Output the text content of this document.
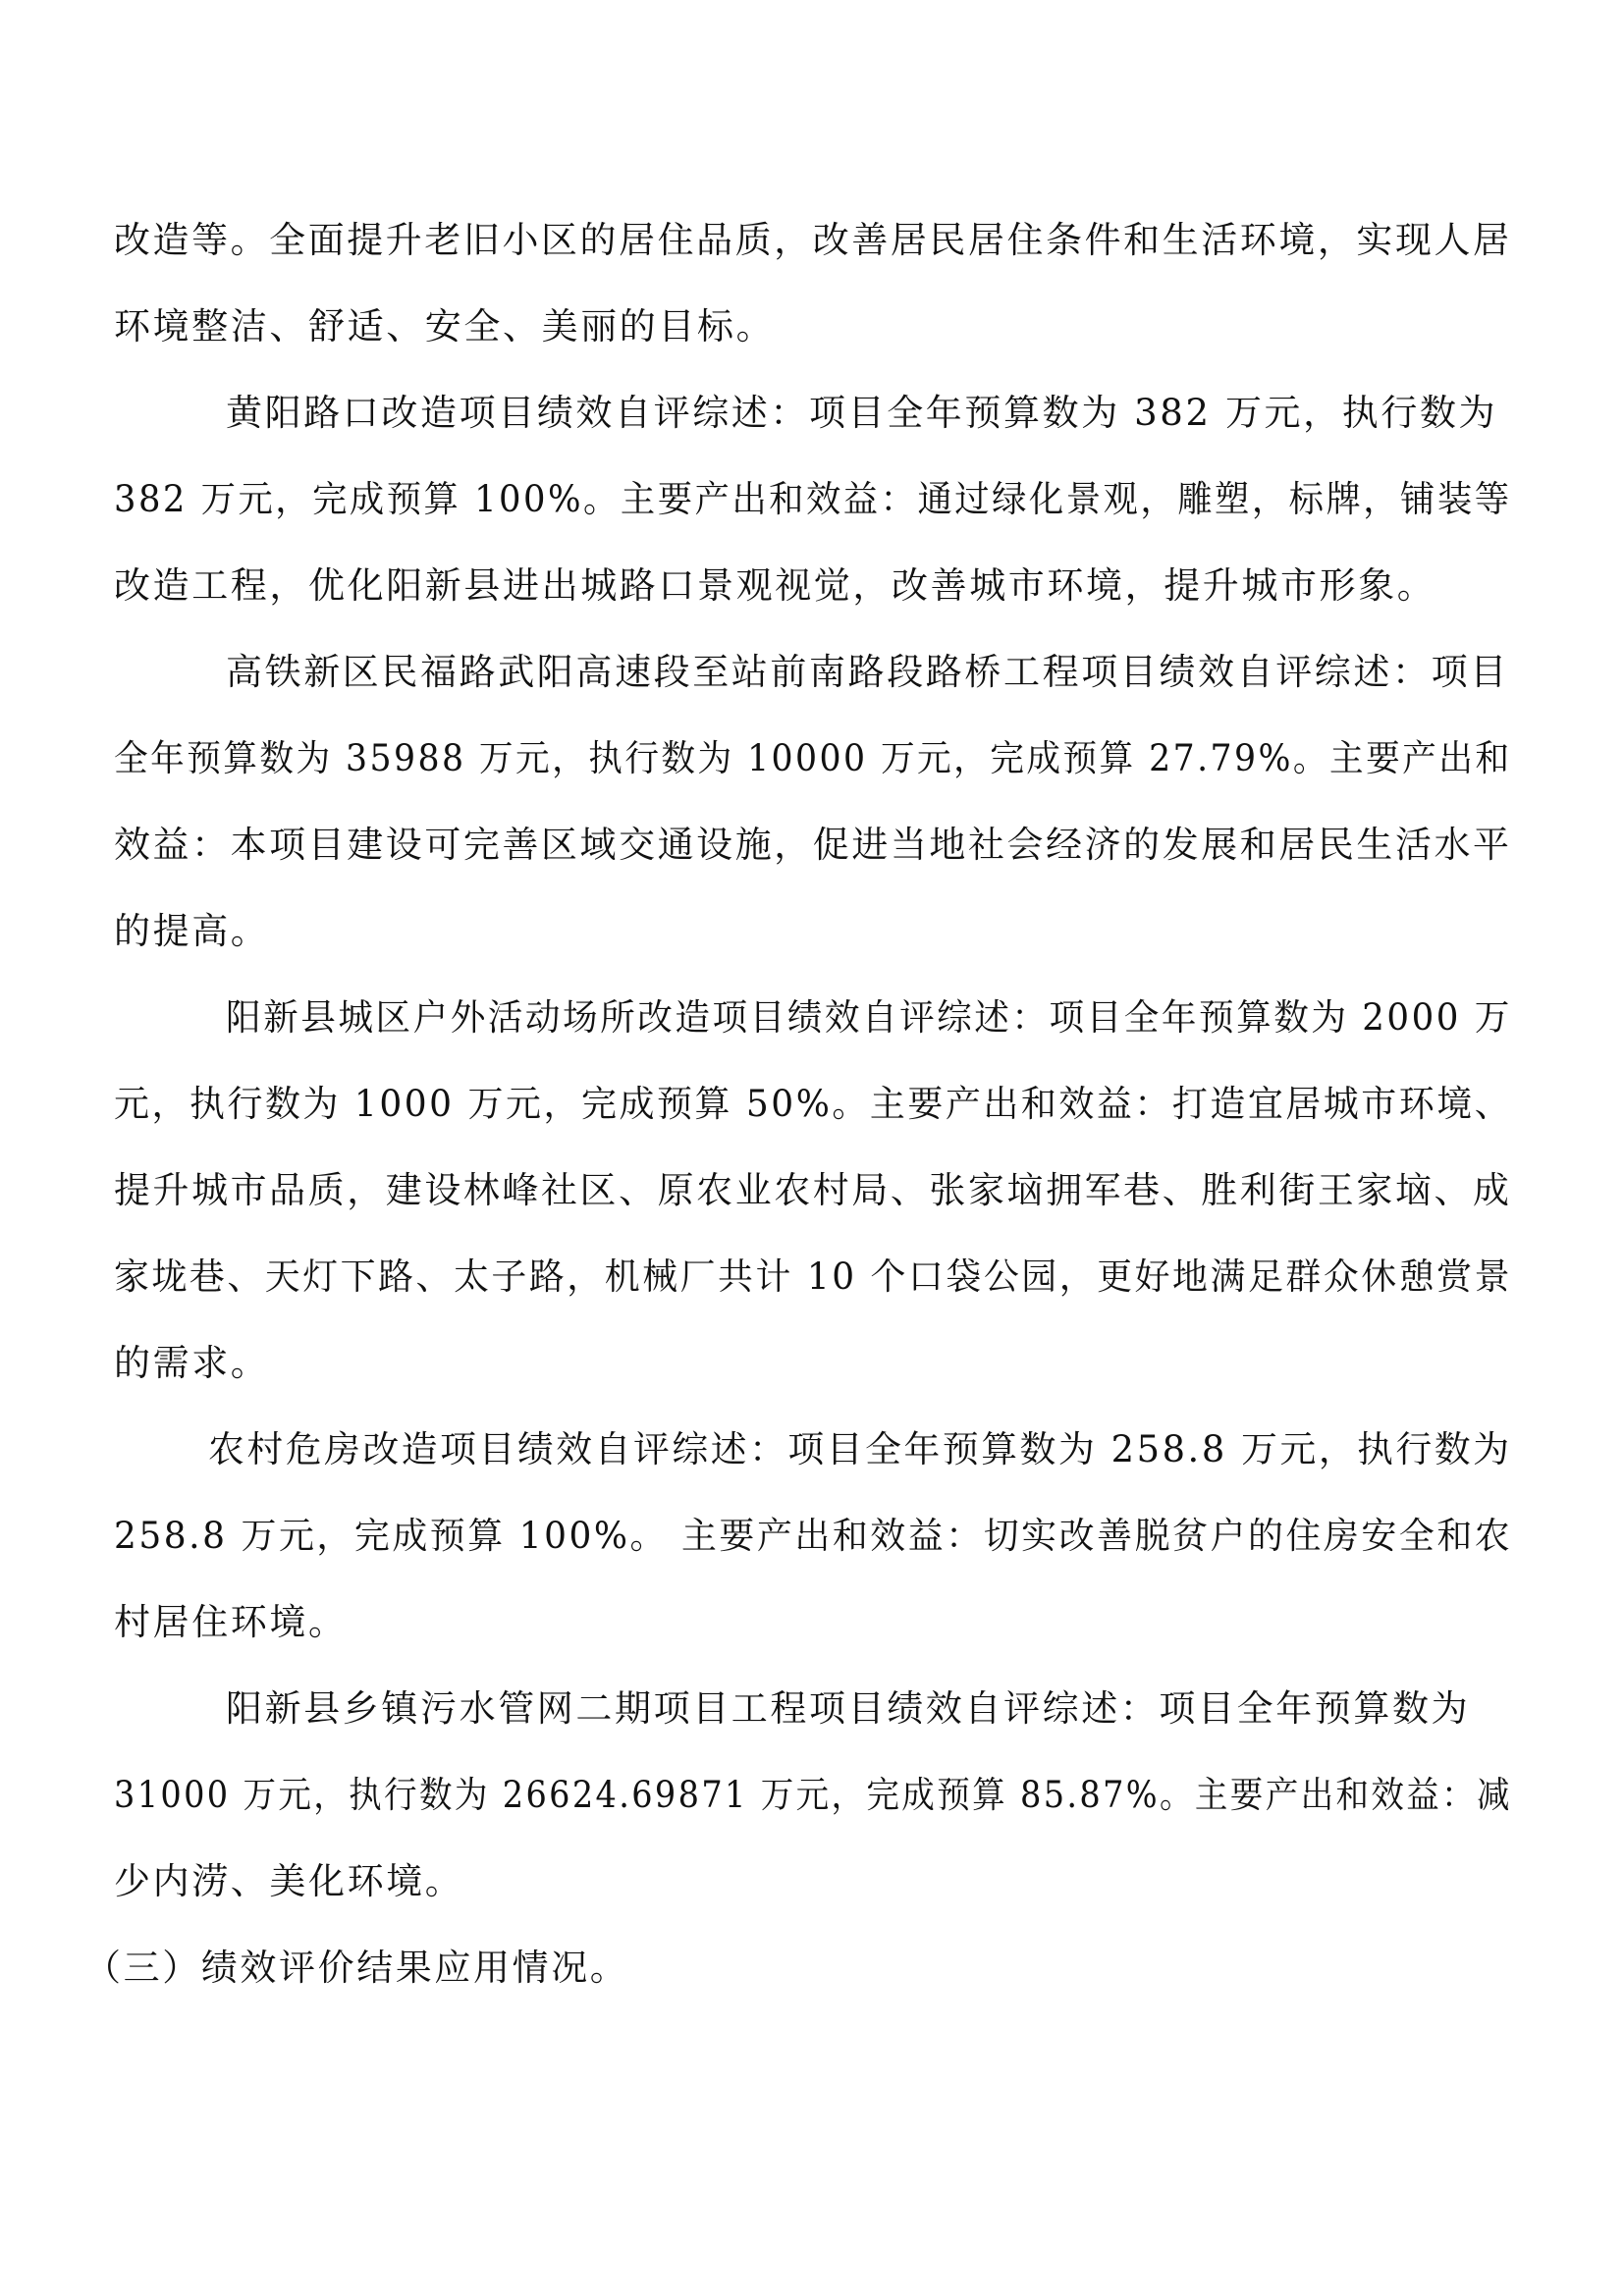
改造等。全面提升老旧小区的居住品质，改善居民居住条件和生活环境，实现人居
环境整洁、舒适、安全、美丽的目标。
黄阳路口改造项目绩效自评综述：项目全年预算数为 382 万元，执行数为
382 万元，完成预算 100%。主要产出和效益：通过绿化景观，雕塑，标牌，铺装等
改造工程，优化阳新县进出城路口景观视觉，改善城市环境，提升城市形象。
高铁新区民福路武阳高速段至站前南路段路桥工程项目绩效自评综述：项目
全年预算数为 35988 万元，执行数为 10000 万元，完成预算 27.79%。主要产出和
效益：本项目建设可完善区域交通设施，促进当地社会经济的发展和居民生活水平
的提高。
阳新县城区户外活动场所改造项目绩效自评综述：项目全年预算数为 2000 万
元，执行数为 1000 万元，完成预算 50%。主要产出和效益：打造宜居城市环境、
提升城市品质，建设林峰社区、原农业农村局、张家垴拥军巷、胜利街王家垴、成
家垅巷、天灯下路、太子路，机械厂共计 10 个口袋公园，更好地满足群众休憩赏景
的需求。
农村危房改造项目绩效自评综述：项目全年预算数为 258.8 万元，执行数为
258.8 万元，完成预算 100%。 主要产出和效益：切实改善脱贫户的住房安全和农
村居住环境。
阳新县乡镇污水管网二期项目工程项目绩效自评综述：项目全年预算数为
31000 万元，执行数为 26624.69871 万元，完成预算 85.87%。主要产出和效益：减
少内涝、美化环境。
（三）绩效评价结果应用情况。
